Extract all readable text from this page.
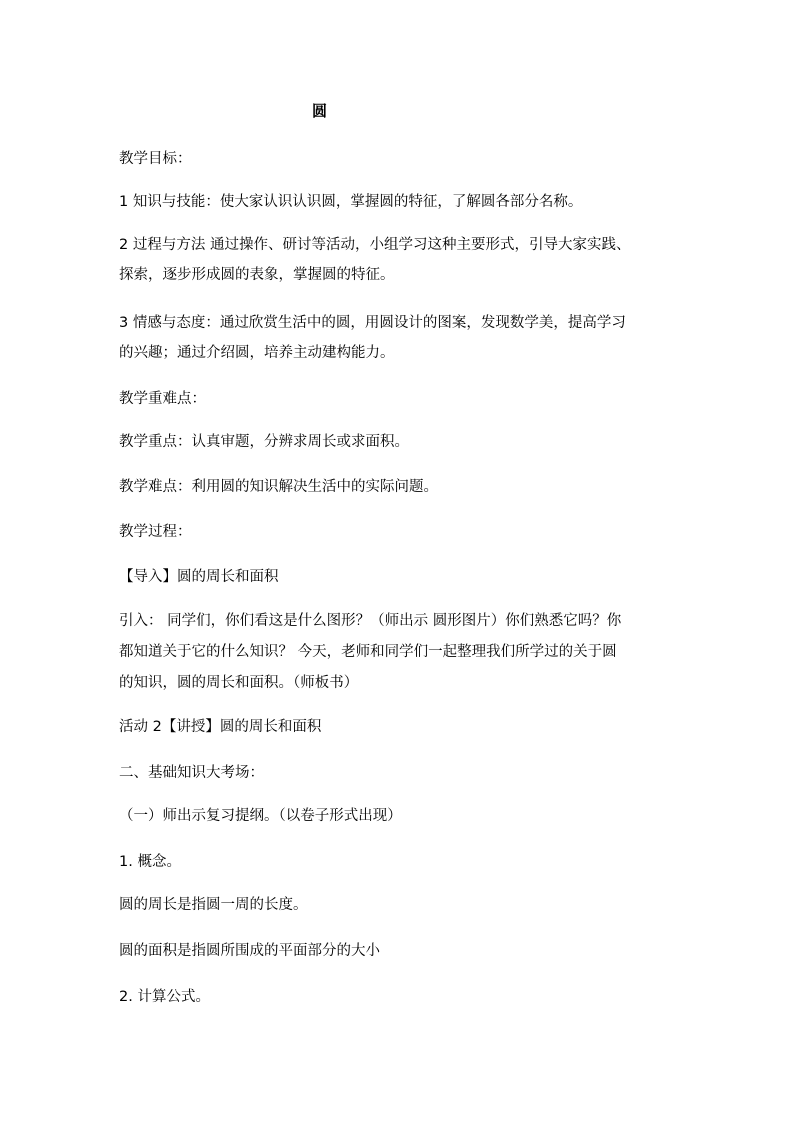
圆
教学目标：
1 知识与技能：使大家认识认识圆，掌握圆的特征，了解圆各部分名称。
2 过程与方法 通过操作、研讨等活动，小组学习这种主要形式，引导大家实践、
探索，逐步形成圆的表象，掌握圆的特征。
3 情感与态度：通过欣赏生活中的圆，用圆设计的图案，发现数学美，提高学习
的兴趣；通过介绍圆，培养主动建构能力。
教学重难点：
教学重点：认真审题，分辨求周长或求面积。
教学难点：利用圆的知识解决生活中的实际问题。
教学过程：
【导入】圆的周长和面积
引入： 同学们，你们看这是什么图形？（师出示 圆形图片）你们熟悉它吗？你
都知道关于它的什么知识？ 今天，老师和同学们一起整理我们所学过的关于圆
的知识，圆的周长和面积。（师板书）
活动 2【讲授】圆的周长和面积
二、基础知识大考场：
（一）师出示复习提纲。（以卷子形式出现）
1. 概念。
圆的周长是指圆一周的长度。
圆的面积是指圆所围成的平面部分的大小
2. 计算公式。
